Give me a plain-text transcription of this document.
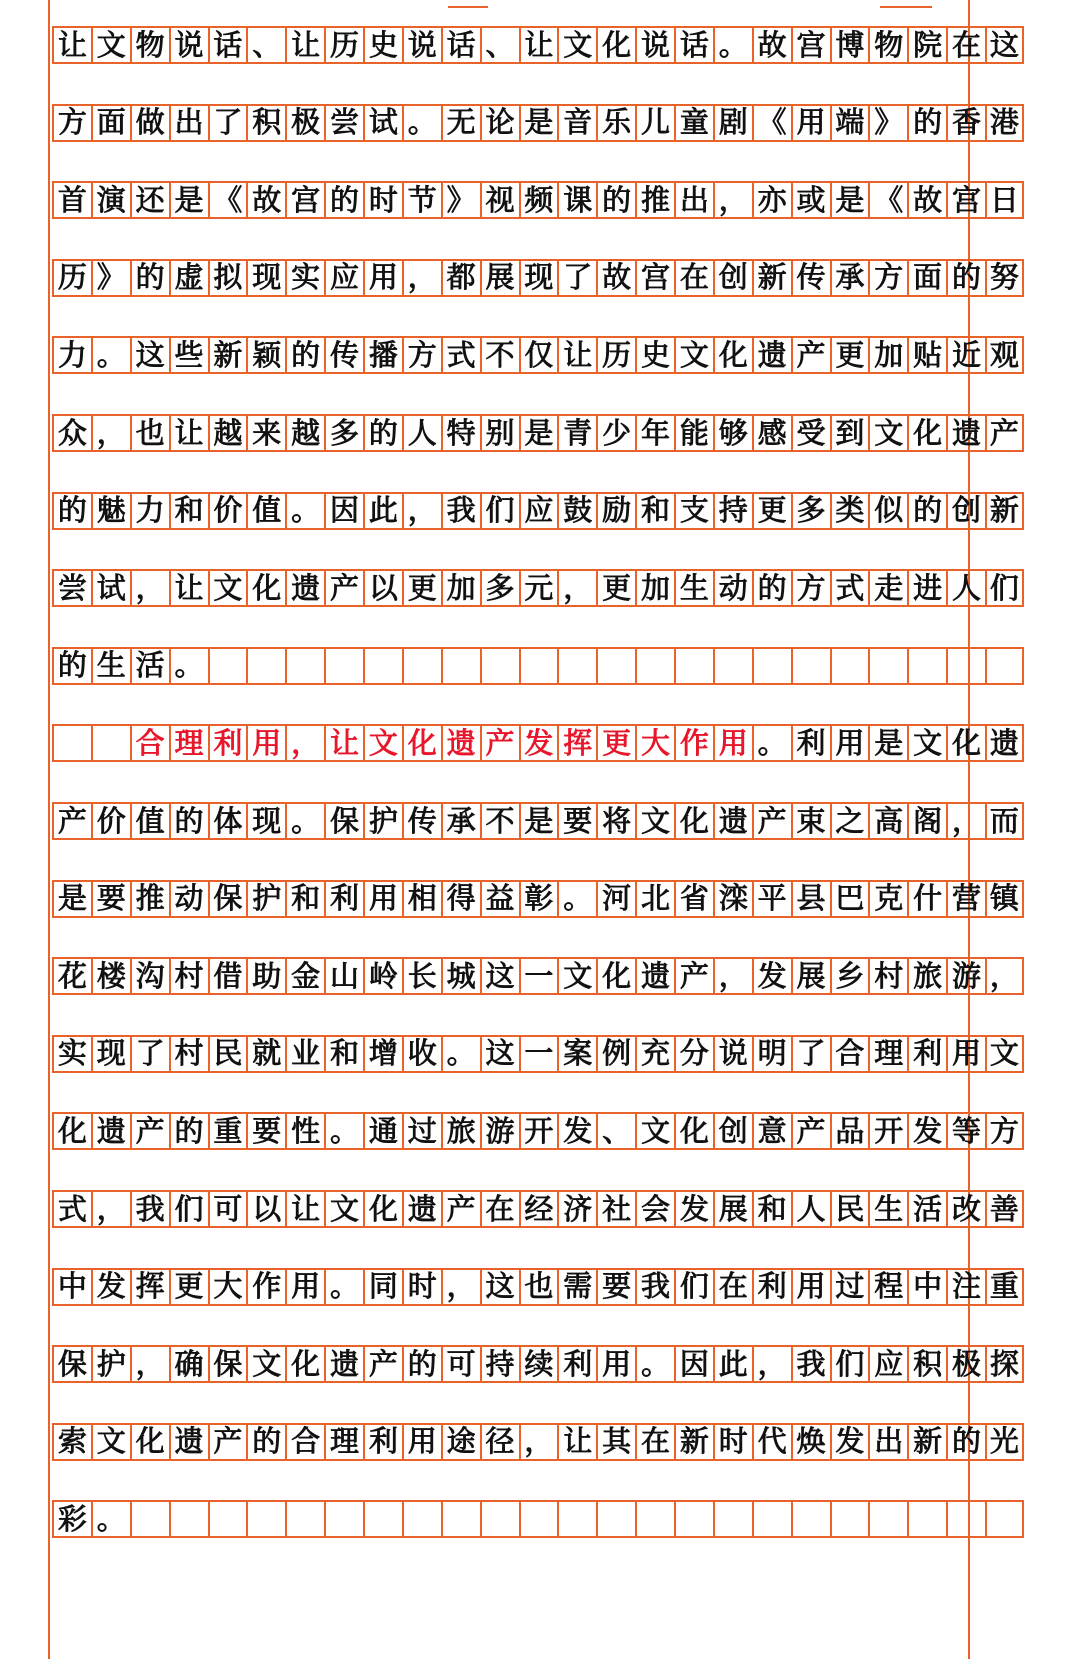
让 文 物 说 话 、 让 历 史 说 话 、 让 文 化 说 话 。 故 宫 博 物 院 在 这
方 面 做 出 了 积 极 尝 试 。 无 论 是 音 乐 儿 童 剧 《 用 端 》 的 香 港
首 演 还 是 《 故 宫 的 时 节 》 视 频 课 的 推 出 ， 亦 或 是 《 故 宫 日
历 》 的 虚 拟 现 实 应 用 ， 都 展 现 了 故 宫 在 创 新 传 承 方 面 的 努
力 。 这 些 新 颖 的 传 播 方 式 不 仅 让 历 史 文 化 遗 产 更 加 贴 近 观
众 ， 也 让 越 来 越 多 的 人 特 别 是 青 少 年 能 够 感 受 到 文 化 遗 产
的 魅 力 和 价 值 。 因 此 ， 我 们 应 鼓 励 和 支 持 更 多 类 似 的 创 新
尝 试 ， 让 文 化 遗 产 以 更 加 多 元 ， 更 加 生 动 的 方 式 走 进 人 们
的 生 活 。
合 理 利 用 ， 让 文 化 遗 产 发 挥 更 大 作 用 。 利 用 是 文 化 遗
产 价 值 的 体 现 。 保 护 传 承 不 是 要 将 文 化 遗 产 束 之 高 阁 ， 而
是 要 推 动 保 护 和 利 用 相 得 益 彰 。 河 北 省 滦 平 县 巴 克 什 营 镇
花 楼 沟 村 借 助 金 山 岭 长 城 这 一 文 化 遗 产 ， 发 展 乡 村 旅 游 ，
实 现 了 村 民 就 业 和 增 收 。 这 一 案 例 充 分 说 明 了 合 理 利 用 文
化 遗 产 的 重 要 性 。 通 过 旅 游 开 发 、 文 化 创 意 产 品 开 发 等 方
式 ， 我 们 可 以 让 文 化 遗 产 在 经 济 社 会 发 展 和 人 民 生 活 改 善
中 发 挥 更 大 作 用 。 同 时 ， 这 也 需 要 我 们 在 利 用 过 程 中 注 重
保 护 ， 确 保 文 化 遗 产 的 可 持 续 利 用 。 因 此 ， 我 们 应 积 极 探
索 文 化 遗 产 的 合 理 利 用 途 径 ， 让 其 在 新 时 代 焕 发 出 新 的 光
彩 。
